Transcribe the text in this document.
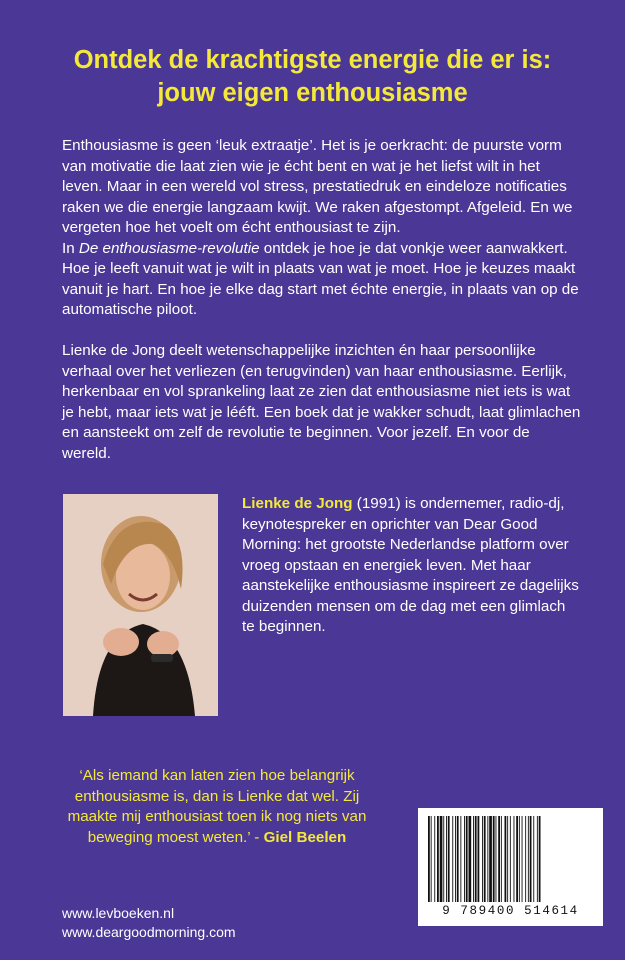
Ontdek de krachtigste energie die er is:
jouw eigen enthousiasme

Enthousiasme is geen ‘leuk extraatje’. Het is je oerkracht: de puurste vorm van motivatie die laat zien wie je écht bent en wat je het liefst wilt in het leven. Maar in een wereld vol stress, prestatiedruk en eindeloze notificaties raken we die energie langzaam kwijt. We raken afgestompt. Afgeleid. En we vergeten hoe het voelt om écht enthousiast te zijn.

In De enthousiasme-revolutie ontdek je hoe je dat vonkje weer aanwakkert. Hoe je leeft vanuit wat je wilt in plaats van wat je moet. Hoe je keuzes maakt vanuit je hart. En hoe je elke dag start met échte energie, in plaats van op de automatische piloot.

Lienke de Jong deelt wetenschappelijke inzichten én haar persoonlijke verhaal over het verliezen (en terugvinden) van haar enthousiasme. Eerlijk, herkenbaar en vol sprankeling laat ze zien dat enthousiasme niet iets is wat je hebt, maar iets wat je lééft. Een boek dat je wakker schudt, laat glimlachen en aansteekt om zelf de revolutie te beginnen. Voor jezelf. En voor de wereld.

Lienke de Jong (1991) is ondernemer, radio-dj, keynotespreker en oprichter van Dear Good Morning: het grootste Nederlandse platform over vroeg opstaan en energiek leven. Met haar aanstekelijke enthousiasme inspireert ze dagelijks duizenden mensen om de dag met een glimlach te beginnen.

‘Als iemand kan laten zien hoe belangrijk enthousiasme is, dan is Lienke dat wel. Zij maakte mij enthousiast toen ik nog niets van beweging moest weten.’ - Giel Beelen

9 789400 514614

www.levboeken.nl
www.deargoodmorning.com
